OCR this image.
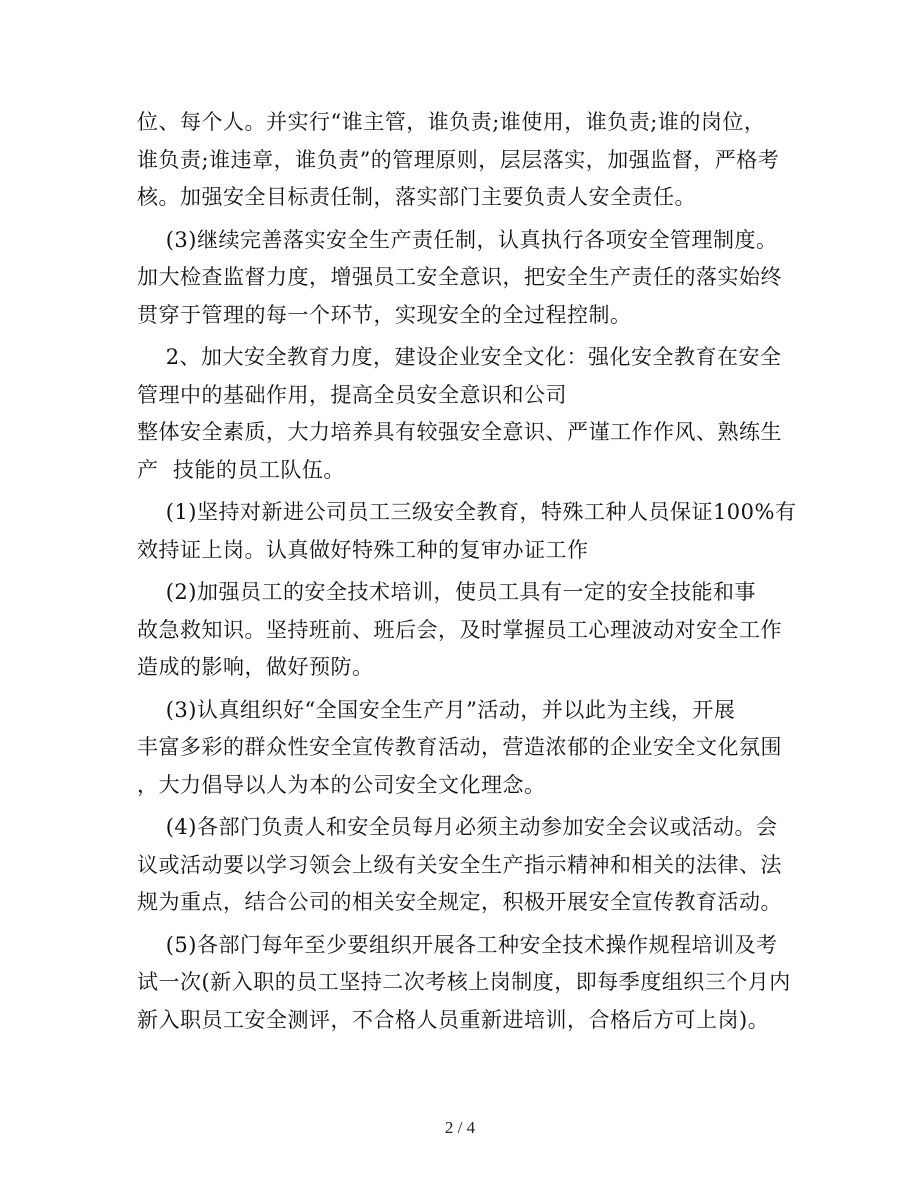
位、每个人。并实行“谁主管，谁负责;谁使用，谁负责;谁的岗位，
谁负责;谁违章，谁负责”的管理原则，层层落实，加强监督，严格考
核。加强安全目标责任制，落实部门主要负责人安全责任。
(3)继续完善落实安全生产责任制，认真执行各项安全管理制度。
加大检查监督力度，增强员工安全意识，把安全生产责任的落实始终
贯穿于管理的每一个环节，实现安全的全过程控制。
2、加大安全教育力度，建设企业安全文化：强化安全教育在安全
管理中的基础作用，提高全员安全意识和公司
整体安全素质，大力培养具有较强安全意识、严谨工作作风、熟练生
产  技能的员工队伍。
(1)坚持对新进公司员工三级安全教育，特殊工种人员保证100%有
效持证上岗。认真做好特殊工种的复审办证工作
(2)加强员工的安全技术培训，使员工具有一定的安全技能和事
故急救知识。坚持班前、班后会，及时掌握员工心理波动对安全工作
造成的影响，做好预防。
(3)认真组织好“全国安全生产月”活动，并以此为主线，开展
丰富多彩的群众性安全宣传教育活动，营造浓郁的企业安全文化氛围
，大力倡导以人为本的公司安全文化理念。
(4)各部门负责人和安全员每月必须主动参加安全会议或活动。会
议或活动要以学习领会上级有关安全生产指示精神和相关的法律、法
规为重点，结合公司的相关安全规定，积极开展安全宣传教育活动。
(5)各部门每年至少要组织开展各工种安全技术操作规程培训及考
试一次(新入职的员工坚持二次考核上岗制度，即每季度组织三个月内
新入职员工安全测评，不合格人员重新进培训，合格后方可上岗)。
2 / 4
